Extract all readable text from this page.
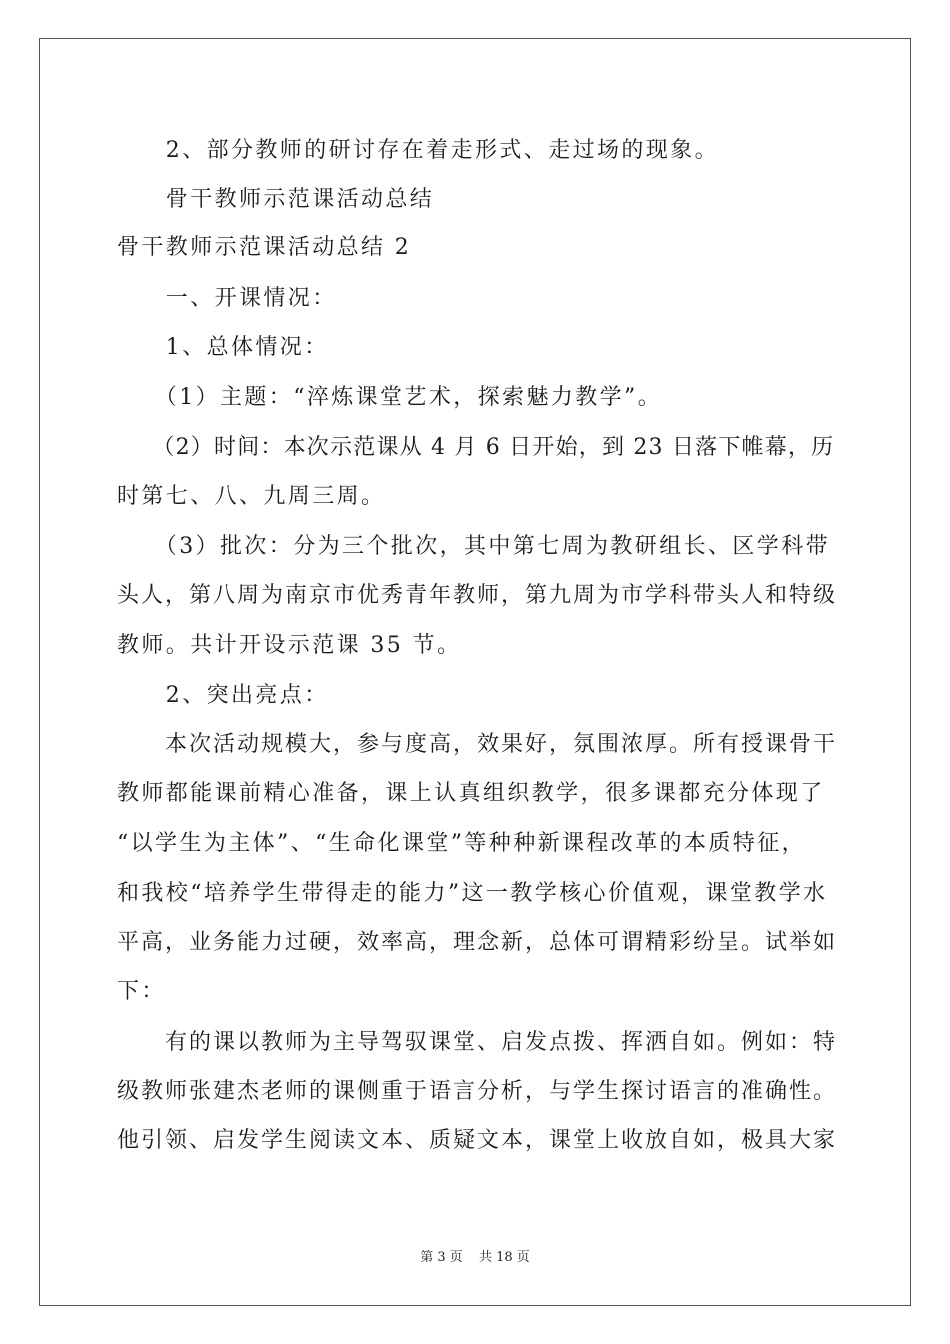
　　2、部分教师的研讨存在着走形式、走过场的现象。
　　骨干教师示范课活动总结
骨干教师示范课活动总结 2
　　一、开课情况：
　　1、总体情况：
　　（1）主题：“淬炼课堂艺术，探索魅力教学”。
　　（2）时间：本次示范课从 4 月 6 日开始，到 23 日落下帷幕，历
时第七、八、九周三周。
　　（3）批次：分为三个批次，其中第七周为教研组长、区学科带
头人，第八周为南京市优秀青年教师，第九周为市学科带头人和特级
教师。共计开设示范课 35 节。
　　2、突出亮点：
　　本次活动规模大，参与度高，效果好，氛围浓厚。所有授课骨干
教师都能课前精心准备，课上认真组织教学，很多课都充分体现了
“以学生为主体”、“生命化课堂”等种种新课程改革的本质特征，
和我校“培养学生带得走的能力”这一教学核心价值观，课堂教学水
平高，业务能力过硬，效率高，理念新，总体可谓精彩纷呈。试举如
下：
　　有的课以教师为主导驾驭课堂、启发点拨、挥洒自如。例如：特
级教师张建杰老师的课侧重于语言分析，与学生探讨语言的准确性。
他引领、启发学生阅读文本、质疑文本，课堂上收放自如，极具大家
第 3 页 共 18 页
